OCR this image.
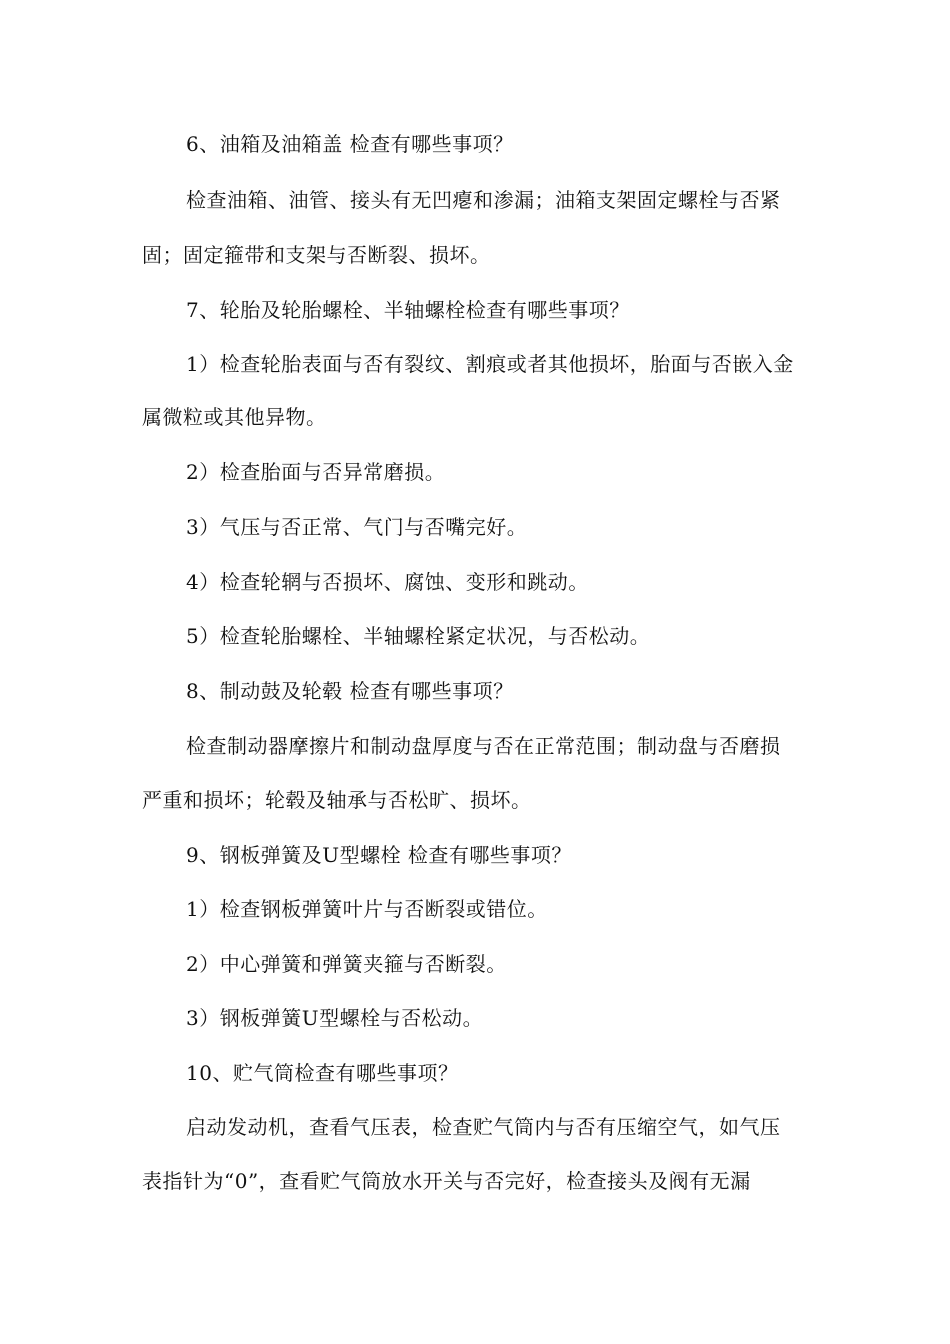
6、油箱及油箱盖 检查有哪些事项？
检查油箱、油管、接头有无凹瘪和渗漏；油箱支架固定螺栓与否紧
固；固定箍带和支架与否断裂、损坏。
7、轮胎及轮胎螺栓、半轴螺栓检查有哪些事项？
1）检查轮胎表面与否有裂纹、割痕或者其他损坏，胎面与否嵌入金
属微粒或其他异物。
2）检查胎面与否异常磨损。
3）气压与否正常、气门与否嘴完好。
4）检查轮辋与否损坏、腐蚀、变形和跳动。
5）检查轮胎螺栓、半轴螺栓紧定状况，与否松动。
8、制动鼓及轮毂 检查有哪些事项？
检查制动器摩擦片和制动盘厚度与否在正常范围；制动盘与否磨损
严重和损坏；轮毂及轴承与否松旷、损坏。
9、钢板弹簧及U型螺栓 检查有哪些事项？
1）检查钢板弹簧叶片与否断裂或错位。
2）中心弹簧和弹簧夹箍与否断裂。
3）钢板弹簧U型螺栓与否松动。
10、贮气筒检查有哪些事项？
启动发动机，查看气压表，检查贮气筒内与否有压缩空气，如气压
表指针为“0”，查看贮气筒放水开关与否完好，检查接头及阀有无漏
